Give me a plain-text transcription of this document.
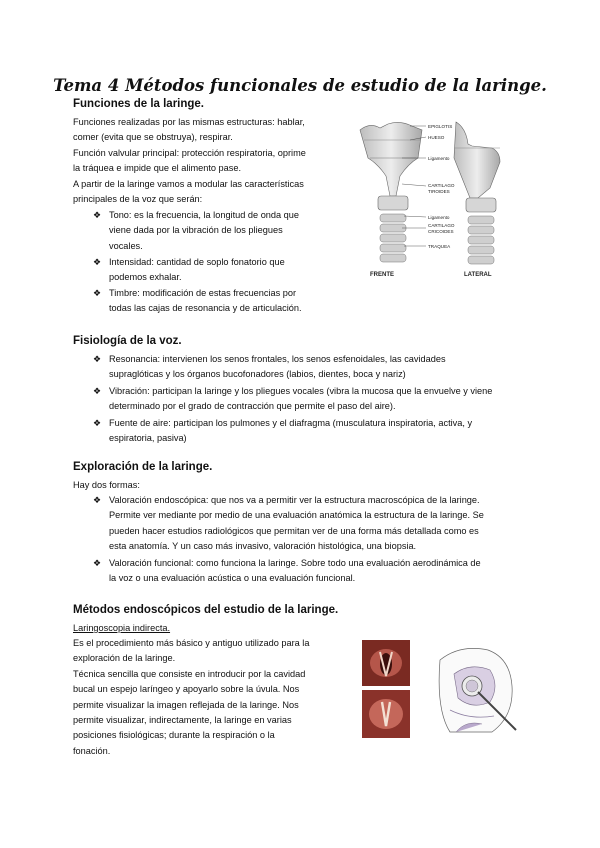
Tema 4 Métodos funcionales de estudio de la laringe.
Funciones de la laringe.
Funciones realizadas por las mismas estructuras: hablar,
comer (evita que se obstruya), respirar.
Función valvular principal: protección respiratoria, oprime
la tráquea e impide que el alimento pase.
A partir de la laringe vamos a modular las características
principales de la voz que serán:
❖ Tono: es la frecuencia, la longitud de onda que
viene dada por la vibración de los pliegues
vocales.
❖ Intensidad: cantidad de soplo fonatorio que
podemos exhalar.
❖ Timbre: modificación de estas frecuencias por
todas las cajas de resonancia y de articulación.
EPIGLOTIS
HUESO
Ligamento
CARTILAGO
TIROIDES
Ligamento
CARTILAGO
CRICOIDES
TRAQUEA
FRENTE	LATERAL
Fisiología de la voz.
❖ Resonancia: intervienen los senos frontales, los senos esfenoidales, las cavidades
supraglóticas y los órganos bucofonadores (labios, dientes, boca y nariz)
❖ Vibración: participan la laringe y los pliegues vocales (vibra la mucosa que la envuelve y viene
determinado por el grado de contracción que permite el paso del aire).
❖ Fuente de aire: participan los pulmones y el diafragma (musculatura inspiratoria, activa, y
espiratoria, pasiva)
Exploración de la laringe.
Hay dos formas:
❖ Valoración endoscópica: que nos va a permitir ver la estructura macroscópica de la laringe.
Permite ver mediante por medio de una evaluación anatómica la estructura de la laringe. Se
pueden hacer estudios radiológicos que permitan ver de una forma más detallada como es
esta anatomía. Y un caso más invasivo, valoración histológica, una biopsia.
❖ Valoración funcional: como funciona la laringe. Sobre todo una evaluación aerodinámica de
la voz o una evaluación acústica o una evaluación funcional.
Métodos endoscópicos del estudio de la laringe.
Laringoscopia indirecta.
Es el procedimiento más básico y antiguo utilizado para la
exploración de la laringe.
Técnica sencilla que consiste en introducir por la cavidad
bucal un espejo laríngeo y apoyarlo sobre la úvula. Nos
permite visualizar la imagen reflejada de la laringe. Nos
permite visualizar, indirectamente, la laringe en varias
posiciones fisiológicas; durante la respiración o la
fonación.
